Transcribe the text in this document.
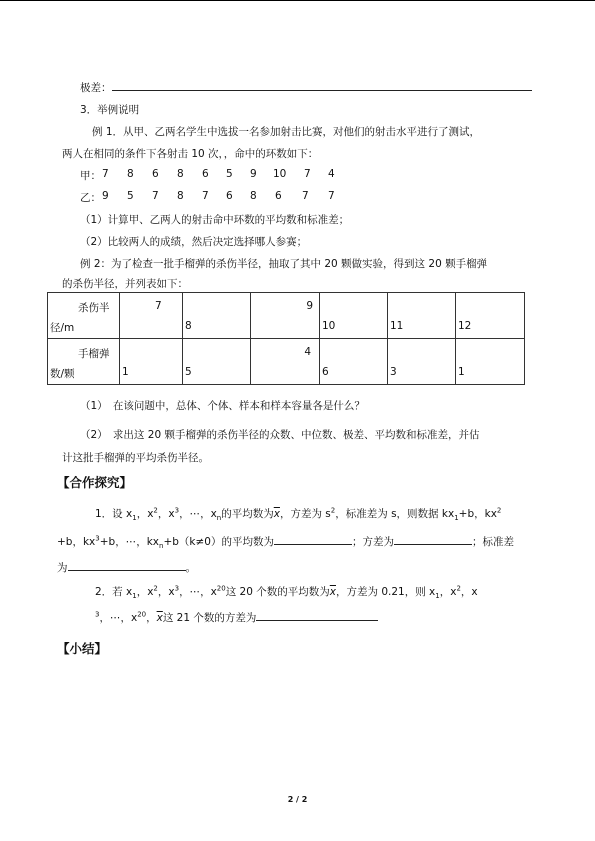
极差：
3．举例说明
例 1．从甲、乙两名学生中选拔一名参加射击比赛，对他们的射击水平进行了测试，
两人在相同的条件下各射击 10 次，，命中的环数如下：
甲： 7 8 6 8 6 5 9 10 7 4
乙： 9 5 7 8 7 6 8 6 7 7
（1）计算甲、乙两人的射击命中环数的平均数和标准差；
（2）比较两人的成绩，然后决定选择哪人参赛；
例 2：为了检查一批手榴弹的杀伤半径，抽取了其中 20 颗做实验，得到这 20 颗手榴弹
的杀伤半径，并列表如下：
杀伤半
径/m	7	8	9	10	11	12

手榴弹
数/颗	1	5	4	6	3	1
（1）　在该问题中，总体、个体、样本和样本容量各是什么？
（2）　求出这 20 颗手榴弹的杀伤半径的众数、中位数、极差、平均数和标准差，并估
计这批手榴弹的平均杀伤半径。
【合作探究】
1．设 $x_1$，$x^2$，$x^3$，⋯，$x_n$的平均数为$\overline{x}$，方差为 $s^2$，标准差为 s，则数据 $kx_1+b$，$kx^2$
+b，$kx^3+b$，⋯，$kx_n+b(k\ne 0)$的平均数为	；方差为	；标准差
为	。
2．若 $x_1$，$x^2$，$x^3$，⋯，$x^{20}$这 20 个数的平均数为$\overline{x}$，方差为 0.21，则 $x_1$，$x^2$，x
$^3$，⋯，$x^{20}$，$\overline{x}$这 21 个数的方差为
【小结】
2 / 2
